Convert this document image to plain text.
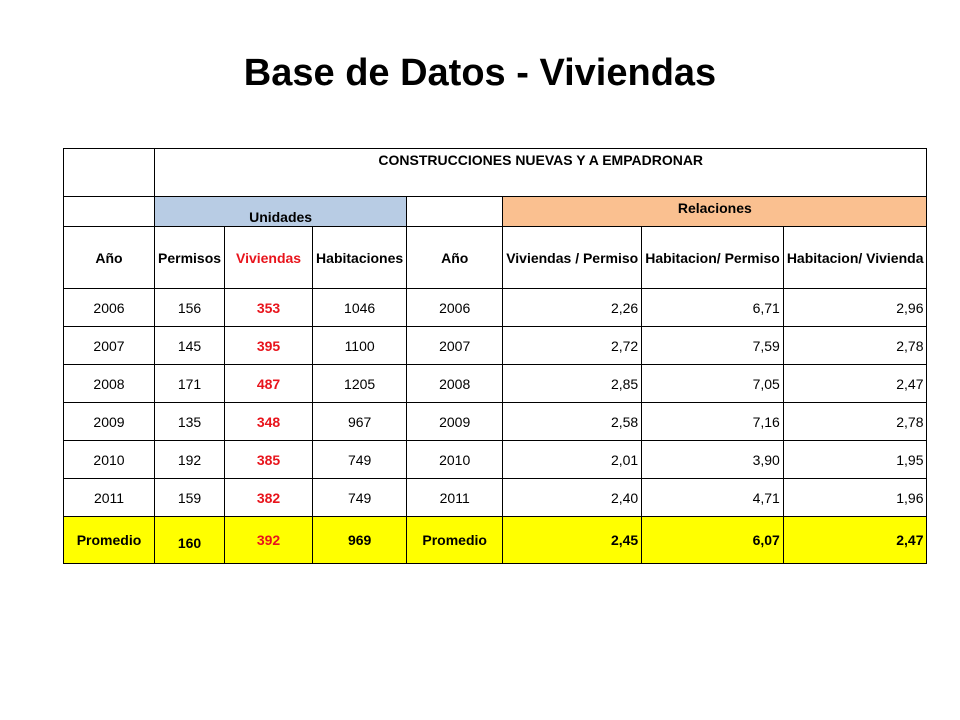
Base de Datos - Viviendas
	CONSTRUCCIONES NUEVAS Y A EMPADRONAR						
	Unidades				Relaciones		
Año	Permisos	Viviendas	Habitaciones	Año	Viviendas / Permiso	Habitacion/ Permiso	Habitacion/ Vivienda
2006	156	353	1046	2006	2,26	6,71	2,96
2007	145	395	1100	2007	2,72	7,59	2,78
2008	171	487	1205	2008	2,85	7,05	2,47
2009	135	348	967	2009	2,58	7,16	2,78
2010	192	385	749	2010	2,01	3,90	1,95
2011	159	382	749	2011	2,40	4,71	1,96
Promedio	160	392	969	Promedio	2,45	6,07	2,47
